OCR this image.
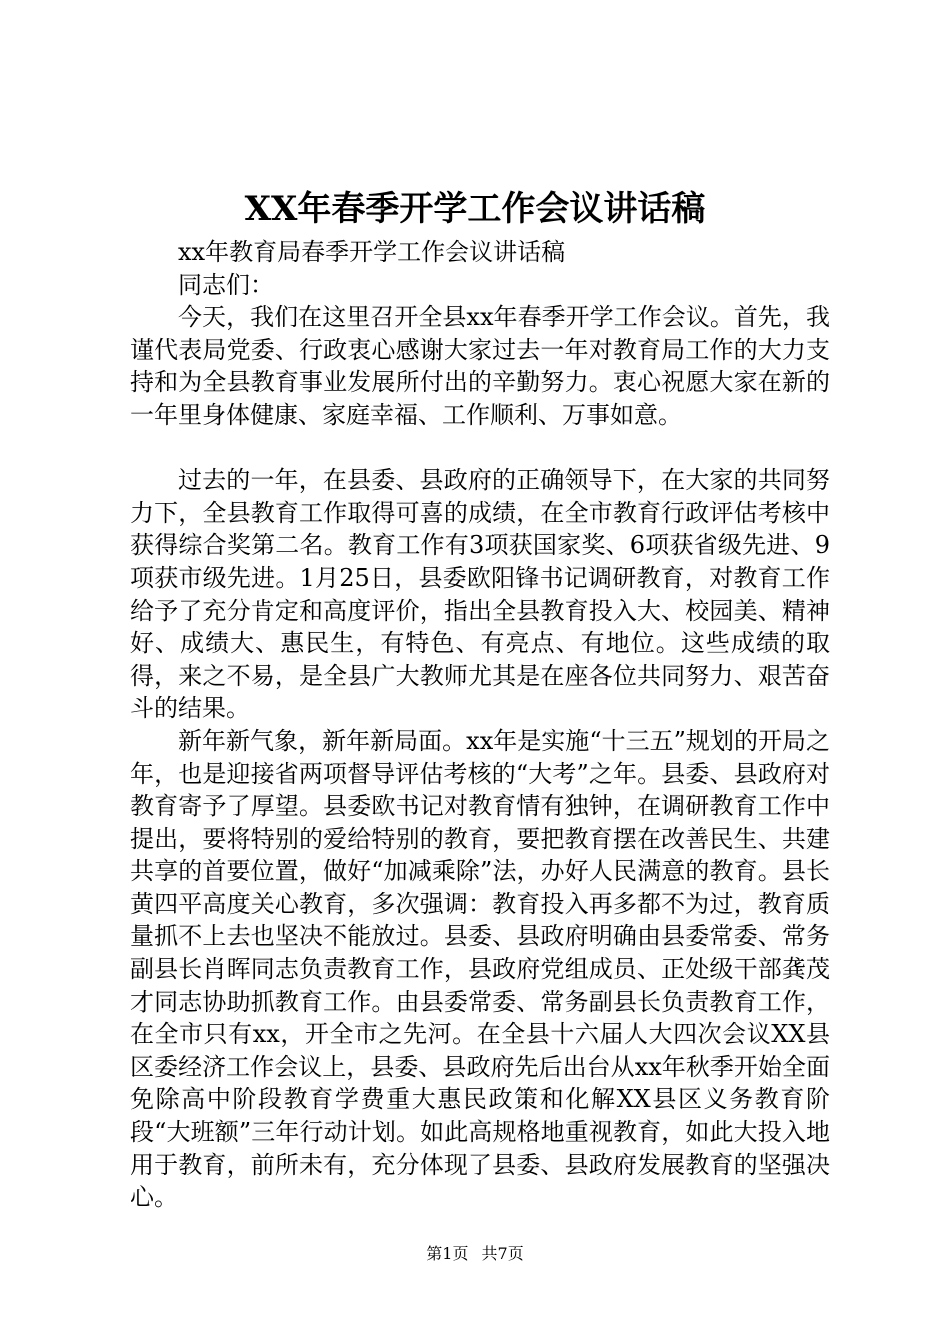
XX年春季开学工作会议讲话稿

xx年教育局春季开学工作会议讲话稿

同志们：

今天，我们在这里召开全县xx年春季开学工作会议。首先，我谨代表局党委、行政衷心感谢大家过去一年对教育局工作的大力支持和为全县教育事业发展所付出的辛勤努力。衷心祝愿大家在新的一年里身体健康、家庭幸福、工作顺利、万事如意。

过去的一年，在县委、县政府的正确领导下，在大家的共同努力下，全县教育工作取得可喜的成绩，在全市教育行政评估考核中获得综合奖第二名。教育工作有3项获国家奖、6项获省级先进、9项获市级先进。1月25日，县委欧阳锋书记调研教育，对教育工作给予了充分肯定和高度评价，指出全县教育投入大、校园美、精神好、成绩大、惠民生，有特色、有亮点、有地位。这些成绩的取得，来之不易，是全县广大教师尤其是在座各位共同努力、艰苦奋斗的结果。

新年新气象，新年新局面。xx年是实施“十三五”规划的开局之年，也是迎接省两项督导评估考核的“大考”之年。县委、县政府对教育寄予了厚望。县委欧书记对教育情有独钟，在调研教育工作中提出，要将特别的爱给特别的教育，要把教育摆在改善民生、共建共享的首要位置，做好“加减乘除”法，办好人民满意的教育。县长黄四平高度关心教育，多次强调：教育投入再多都不为过，教育质量抓不上去也坚决不能放过。县委、县政府明确由县委常委、常务副县长肖晖同志负责教育工作，县政府党组成员、正处级干部龚茂才同志协助抓教育工作。由县委常委、常务副县长负责教育工作，在全市只有xx，开全市之先河。在全县十六届人大四次会议XX县区委经济工作会议上，县委、县政府先后出台从xx年秋季开始全面免除高中阶段教育学费重大惠民政策和化解XX县区义务教育阶段“大班额”三年行动计划。如此高规格地重视教育，如此大投入地用于教育，前所未有，充分体现了县委、县政府发展教育的坚强决心。

第1页 共7页
